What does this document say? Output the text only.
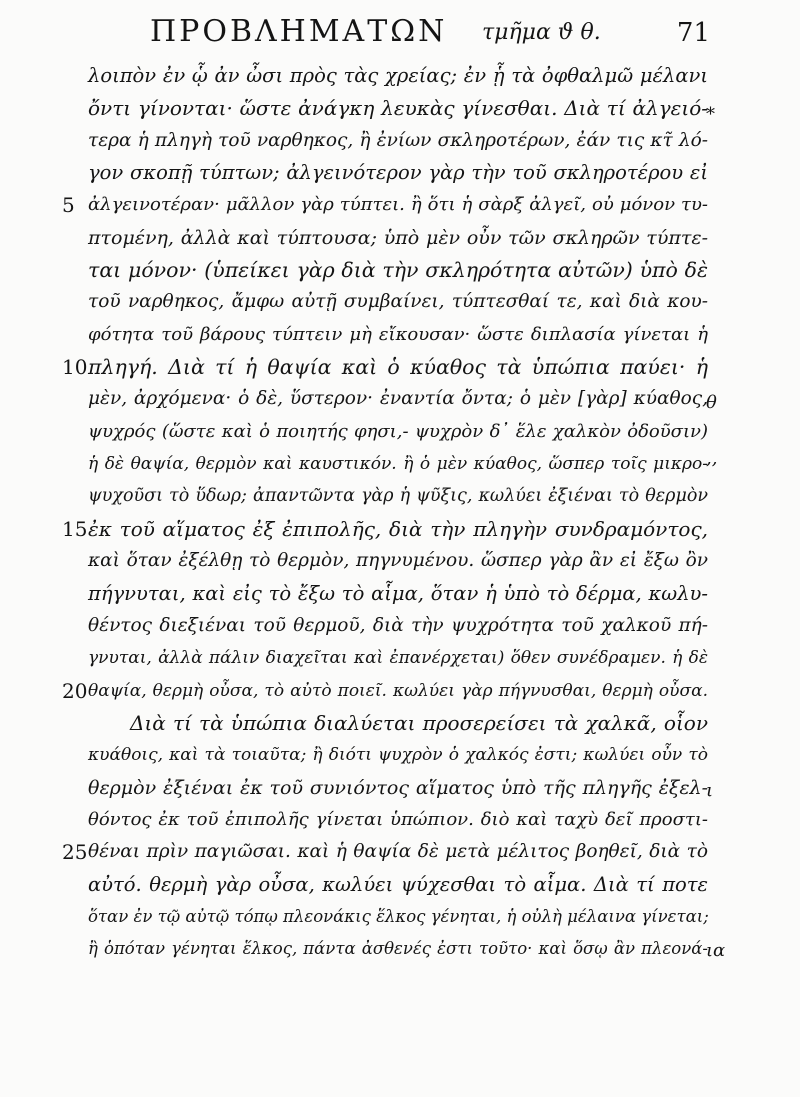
ΠΡΟΒΛΗΜΑΤΩΝ τμῆμα ϑ θ.	71
*
θ
,,
ι
ια
λοιπὸν ἐν ᾧ ἀν ὦσι πρὸς τὰς χρείας; ἐν ᾗ τὰ ὀφθαλμῶ μέλανι
ὄντι γίνονται· ὥστε ἀνάγκη λευκὰς γίνεσθαι. Διὰ τί ἀλγειό-
τερα ἡ πληγὴ τοῦ ναρθηκος, ἢ ἐνίων σκληροτέρων, ἐάν τις κτ̃ λό-
γον σκοπῇ τύπτων; ἀλγεινότερον γὰρ τὴν τοῦ σκληροτέρου εἰ
5 ἀλγεινοτέραν· μᾶλλον γὰρ τύπτει. ἢ ὅτι ἡ σὰρξ ἀλγεῖ, οὐ μόνον τυ-
πτομένη, ἀλλὰ καὶ τύπτουσα; ὑπὸ μὲν οὖν τῶν σκληρῶν τύπτε-
ται μόνον· (ὑπείκει γὰρ διὰ τὴν σκληρότητα αὐτῶν) ὑπὸ δὲ
τοῦ ναρθηκος, ἄμφω αὐτῇ συμβαίνει, τύπτεσθαί τε, καὶ διὰ κου-
φότητα τοῦ βάρους τύπτειν μὴ εἴκουσαν· ὥστε διπλασία γίνεται ἡ
10 πληγή. Διὰ τί ἡ θαψία καὶ ὁ κύαθος τὰ ὑπώπια παύει· ἡ
μὲν, ἀρχόμενα· ὁ δὲ, ὕστερον· ἐναντία ὄντα; ὁ μὲν [γὰρ] κύαθος,
ψυχρός (ὥστε καὶ ὁ ποιητής φησι,- ψυχρὸν δ᾽ ἕλε χαλκὸν ὀδοῦσιν)
ἡ δὲ θαψία, θερμὸν καὶ καυστικόν. ἢ ὁ μὲν κύαθος, ὥσπερ τοῖς μικρο-
ψυχοῦσι τὸ ὕδωρ; ἀπαντῶντα γὰρ ἡ ψῦξις, κωλύει ἐξιέναι τὸ θερμὸν
15 ἐκ τοῦ αἵματος ἐξ ἐπιπολῆς, διὰ τὴν πληγὴν συνδραμόντος,
καὶ ὅταν ἐξέλθῃ τὸ θερμὸν, πηγνυμένου. ὥσπερ γὰρ ἂν εἰ ἔξω ὂν
πήγνυται, καὶ εἰς τὸ ἔξω τὸ αἷμα, ὅταν ἡ ὑπὸ τὸ δέρμα, κωλυ-
θέντος διεξιέναι τοῦ θερμοῦ, διὰ τὴν ψυχρότητα τοῦ χαλκοῦ πή-
γνυται, ἀλλὰ πάλιν διαχεῖται καὶ ἐπανέρχεται) ὅθεν συνέδραμεν. ἡ δὲ
20 θαψία, θερμὴ οὖσα, τὸ αὐτὸ ποιεῖ. κωλύει γὰρ πήγνυσθαι, θερμὴ οὖσα.
Διὰ τί τὰ ὑπώπια διαλύεται προσερείσει τὰ χαλκᾶ, οἷον
κυάθοις, καὶ τὰ τοιαῦτα; ἢ διότι ψυχρὸν ὁ χαλκός ἐστι; κωλύει οὖν τὸ
θερμὸν ἐξιέναι ἐκ τοῦ συνιόντος αἵματος ὑπὸ τῆς πληγῆς ἐξελ-
θόντος ἐκ τοῦ ἐπιπολῆς γίνεται ὑπώπιον. διὸ καὶ ταχὺ δεῖ προστι-
25 θέναι πρὶν παγιῶσαι. καὶ ἡ θαψία δὲ μετὰ μέλιτος βοηθεῖ, διὰ τὸ
αὐτό. θερμὴ γὰρ οὖσα, κωλύει ψύχεσθαι τὸ αἷμα. Διὰ τί ποτε
ὅταν ἐν τῷ αὐτῷ τόπῳ πλεονάκις ἕλκος γένηται, ἡ οὐλὴ μέλαινα γίνεται;
ἢ ὁπόταν γένηται ἕλκος, πάντα ἀσθενές ἐστι τοῦτο· καὶ ὅσῳ ἂν πλεονά-
